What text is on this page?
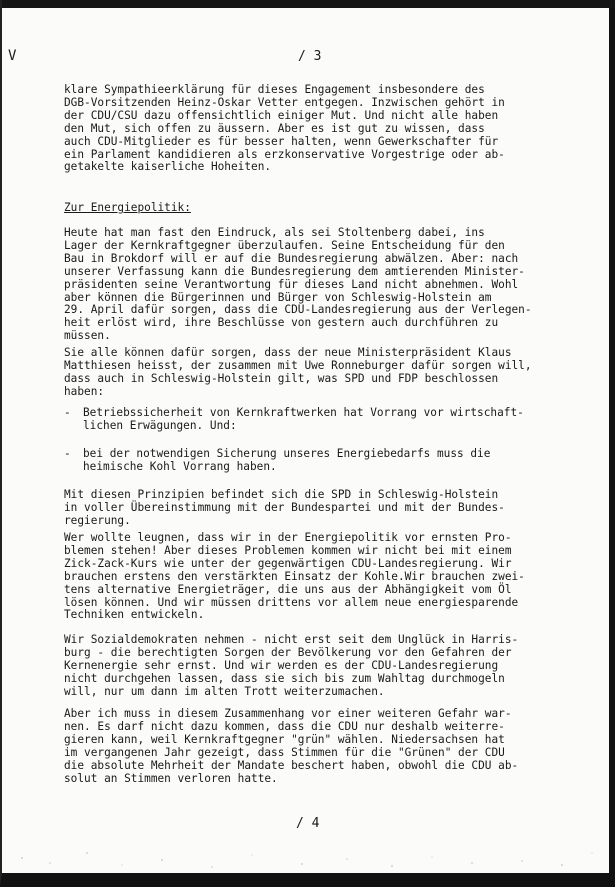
V	/ 3

klare Sympathieerklärung für dieses Engagement insbesondere des
DGB-Vorsitzenden Heinz-Oskar Vetter entgegen. Inzwischen gehört in
der CDU/CSU dazu offensichtlich einiger Mut. Und nicht alle haben
den Mut, sich offen zu äussern. Aber es ist gut zu wissen, dass
auch CDU-Mitglieder es für besser halten, wenn Gewerkschafter für
ein Parlament kandidieren als erzkonservative Vorgestrige oder ab-
getakelte kaiserliche Hoheiten.

Zur Energiepolitik:

Heute hat man fast den Eindruck, als sei Stoltenberg dabei, ins
Lager der Kernkraftgegner überzulaufen. Seine Entscheidung für den
Bau in Brokdorf will er auf die Bundesregierung abwälzen. Aber: nach
unserer Verfassung kann die Bundesregierung dem amtierenden Minister-
präsidenten seine Verantwortung für dieses Land nicht abnehmen. Wohl
aber können die Bürgerinnen und Bürger von Schleswig-Holstein am
29. April dafür sorgen, dass die CDU-Landesregierung aus der Verlegen-
heit erlöst wird, ihre Beschlüsse von gestern auch durchführen zu
müssen.

Sie alle können dafür sorgen, dass der neue Ministerpräsident Klaus
Matthiesen heisst, der zusammen mit Uwe Ronneburger dafür sorgen will,
dass auch in Schleswig-Holstein gilt, was SPD und FDP beschlossen
haben:

- Betriebssicherheit von Kernkraftwerken hat Vorrang vor wirtschaft-
lichen Erwägungen. Und:

- bei der notwendigen Sicherung unseres Energiebedarfs muss die
heimische Kohl Vorrang haben.

Mit diesen Prinzipien befindet sich die SPD in Schleswig-Holstein
in voller Übereinstimmung mit der Bundespartei und mit der Bundes-
regierung.

Wer wollte leugnen, dass wir in der Energiepolitik vor ernsten Pro-
blemen stehen! Aber dieses Problemen kommen wir nicht bei mit einem
Zick-Zack-Kurs wie unter der gegenwärtigen CDU-Landesregierung. Wir
brauchen erstens den verstärkten Einsatz der Kohle.Wir brauchen zwei-
tens alternative Energieträger, die uns aus der Abhängigkeit vom Öl
lösen können. Und wir müssen drittens vor allem neue energiesparende
Techniken entwickeln.

Wir Sozialdemokraten nehmen - nicht erst seit dem Unglück in Harris-
burg - die berechtigten Sorgen der Bevölkerung vor den Gefahren der
Kernenergie sehr ernst. Und wir werden es der CDU-Landesregierung
nicht durchgehen lassen, dass sie sich bis zum Wahltag durchmogeln
will, nur um dann im alten Trott weiterzumachen.

Aber ich muss in diesem Zusammenhang vor einer weiteren Gefahr war-
nen. Es darf nicht dazu kommen, dass die CDU nur deshalb weiterre-
gieren kann, weil Kernkraftgegner "grün" wählen. Niedersachsen hat
im vergangenen Jahr gezeigt, dass Stimmen für die "Grünen" der CDU
die absolute Mehrheit der Mandate beschert haben, obwohl die CDU ab-
solut an Stimmen verloren hatte.

/ 4
